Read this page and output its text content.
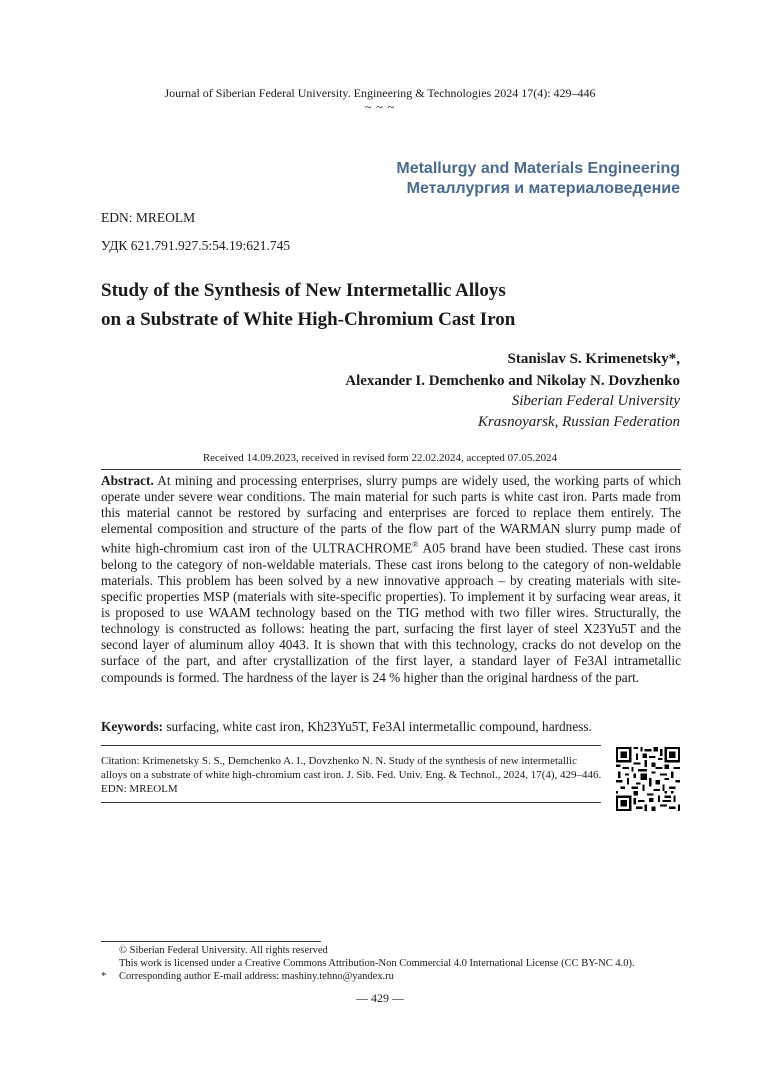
Journal of Siberian Federal University. Engineering & Technologies 2024 17(4): 429–446
~ ~ ~
Metallurgy and Materials Engineering
Металлургия и материаловедение
EDN: MREOLM
УДК 621.791.927.5:54.19:621.745
Study of the Synthesis of New Intermetallic Alloys
on a Substrate of White High-Chromium Cast Iron
Stanislav S. Krimenetsky*,
Alexander I. Demchenko and Nikolay N. Dovzhenko
Siberian Federal University
Krasnoyarsk, Russian Federation
Received 14.09.2023, received in revised form 22.02.2024, accepted 07.05.2024
Abstract. At mining and processing enterprises, slurry pumps are widely used, the working parts of which operate under severe wear conditions. The main material for such parts is white cast iron. Parts made from this material cannot be restored by surfacing and enterprises are forced to replace them entirely. The elemental composition and structure of the parts of the flow part of the WARMAN slurry pump made of white high-chromium cast iron of the ULTRACHROME® A05 brand have been studied. These cast irons belong to the category of non-weldable materials. These cast irons belong to the category of non-weldable materials. This problem has been solved by a new innovative approach – by creating materials with site-specific properties MSP (materials with site-specific properties). To implement it by surfacing wear areas, it is proposed to use WAAM technology based on the TIG method with two filler wires. Structurally, the technology is constructed as follows: heating the part, surfacing the first layer of steel X23Yu5T and the second layer of aluminum alloy 4043. It is shown that with this technology, cracks do not develop on the surface of the part, and after crystallization of the first layer, a standard layer of Fe3Al intrametallic compounds is formed. The hardness of the layer is 24 % higher than the original hardness of the part.
Keywords: surfacing, white cast iron, Kh23Yu5T, Fe3Al intermetallic compound, hardness.
Citation: Krimenetsky S. S., Demchenko A. I., Dovzhenko N. N. Study of the synthesis of new intermetallic
alloys on a substrate of white high-chromium cast iron. J. Sib. Fed. Univ. Eng. & Technol., 2024, 17(4), 429–446.
EDN: MREOLM
© Siberian Federal University. All rights reserved
This work is licensed under a Creative Commons Attribution-Non Commercial 4.0 International License (CC BY-NC 4.0).
* Corresponding author E-mail address: mashiny.tehno@yandex.ru
— 429 —
